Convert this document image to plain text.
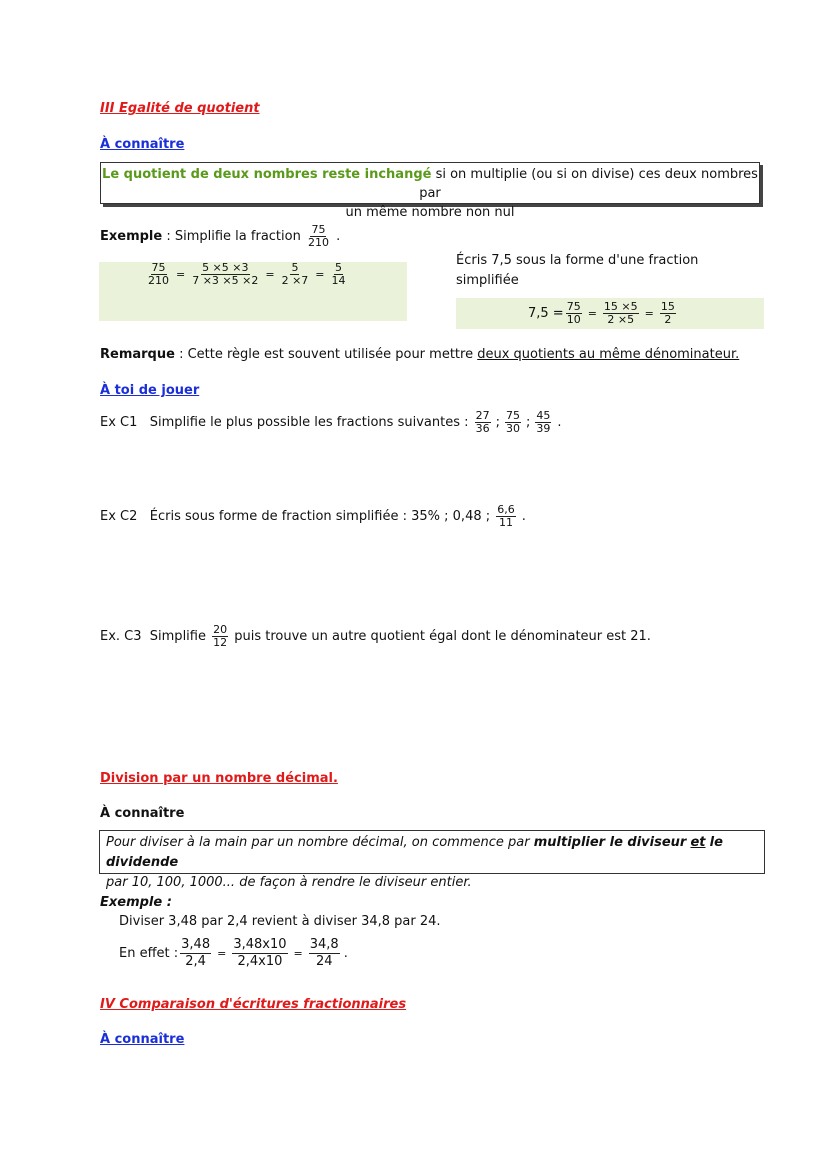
III Egalité de quotient
À connaître
Le quotient de deux nombres reste inchangé si on multiplie (ou si on divise) ces deux nombres par
un même nombre non nul
Exemple : Simplifie la fraction $\frac{75}{210}$ .
$\frac{75}{210} = \frac{5 \times 5 \times 3}{7 \times 3 \times 5 \times 2} = \frac{5}{2 \times 7} = \frac{5}{14}$
Écris 7,5 sous la forme d'une fraction
simplifiée
$7,5 = \frac{75}{10} = \frac{15 \times 5}{2 \times 5} = \frac{15}{2}$
Remarque : Cette règle est souvent utilisée pour mettre deux quotients au même dénominateur.
À toi de jouer
Ex C1   Simplifie le plus possible les fractions suivantes : $\frac{27}{36}$ ; $\frac{75}{30}$ ; $\frac{45}{39}$ .
Ex C2   Écris sous forme de fraction simplifiée : 35% ; 0,48 ; $\frac{6,6}{11}$ .
Ex. C3  Simplifie $\frac{20}{12}$ puis trouve un autre quotient égal dont le dénominateur est 21.
Division par un nombre décimal.
À connaître
Pour diviser à la main par un nombre décimal, on commence par multiplier le diviseur et le dividende
par 10, 100, 1000... de façon à rendre le diviseur entier.
Exemple :
Diviser 3,48 par 2,4 revient à diviser 34,8 par 24.
En effet : $\frac{3,48}{2,4} = \frac{3,48x10}{2,4x10} = \frac{34,8}{24}$ .
IV Comparaison d'écritures fractionnaires
À connaître
